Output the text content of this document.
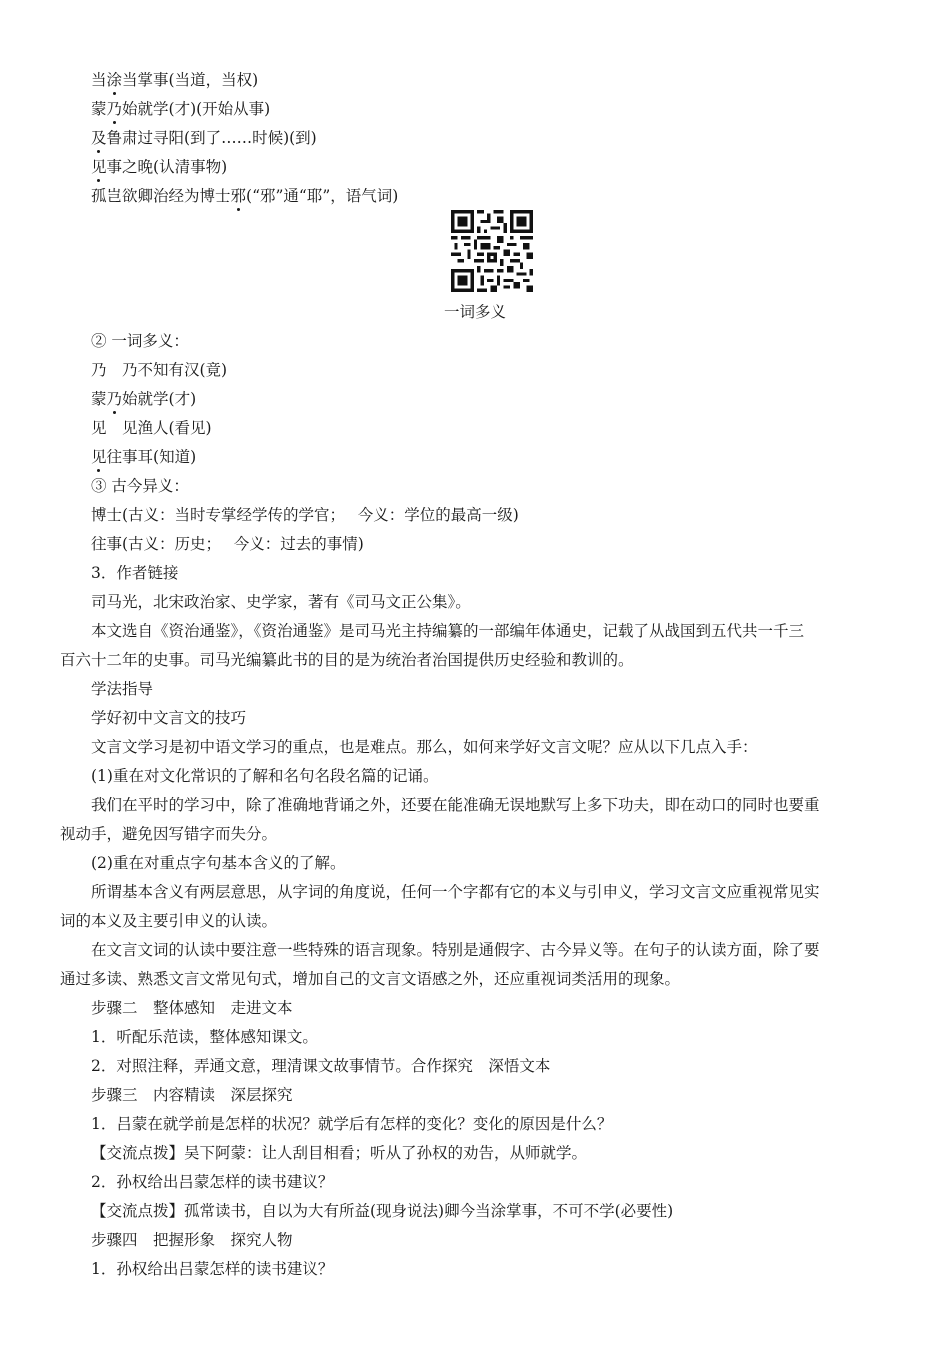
当涂当掌事(当道，当权)
蒙乃始就学(才)(开始从事)
及鲁肃过寻阳(到了……时候)(到)
见事之晚(认清事物)
孤岂欲卿治经为博士邪(“邪”通“耶”，语气词)
一词多义
② 一词多义：
乃　乃不知有汉(竟)
蒙乃始就学(才)
见　见渔人(看见)
见往事耳(知道)
③ 古今异义：
博士(古义：当时专掌经学传的学官；　 今义：学位的最高一级)
往事(古义：历史；　 今义：过去的事情)
3．作者链接
司马光，北宋政治家、史学家，著有《司马文正公集》。
本文选自《资治通鉴》，《资治通鉴》是司马光主持编纂的一部编年体通史，记载了从战国到五代共一千三
百六十二年的史事。司马光编纂此书的目的是为统治者治国提供历史经验和教训的。
学法指导
学好初中文言文的技巧
文言文学习是初中语文学习的重点，也是难点。那么，如何来学好文言文呢？应从以下几点入手：
(1)重在对文化常识的了解和名句名段名篇的记诵。
我们在平时的学习中，除了准确地背诵之外，还要在能准确无误地默写上多下功夫，即在动口的同时也要重
视动手，避免因写错字而失分。
(2)重在对重点字句基本含义的了解。
所谓基本含义有两层意思，从字词的角度说，任何一个字都有它的本义与引申义，学习文言文应重视常见实
词的本义及主要引申义的认读。
在文言文词的认读中要注意一些特殊的语言现象。特别是通假字、古今异义等。在句子的认读方面，除了要
通过多读、熟悉文言文常见句式，增加自己的文言文语感之外，还应重视词类活用的现象。
步骤二　整体感知　走进文本
1．听配乐范读，整体感知课文。
2．对照注释，弄通文意，理清课文故事情节。合作探究　深悟文本
步骤三　内容精读　深层探究
1．吕蒙在就学前是怎样的状况？就学后有怎样的变化？变化的原因是什么？
【交流点拨】吴下阿蒙：让人刮目相看；听从了孙权的劝告，从师就学。
2．孙权给出吕蒙怎样的读书建议？
【交流点拨】孤常读书，自以为大有所益(现身说法)卿今当涂掌事，不可不学(必要性)
步骤四　把握形象　探究人物
1．孙权给出吕蒙怎样的读书建议？
